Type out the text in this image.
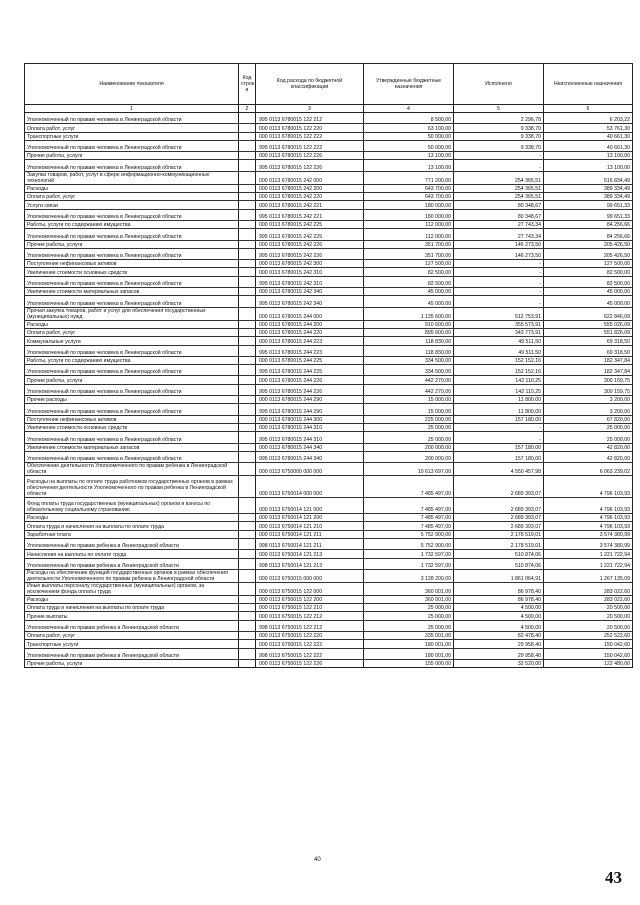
Наименование показателя	Код строк и	Код расхода по бюджетной классификации	Утвержденные бюджетные назначения	Исполнено	Неисполненные назначения
1	2	3	4	5	6

Уполномоченный по правам человека в Ленинградской области		995 0113 6780015 122 212	8 500,00	2 296,78	6 203,22
Оплата работ, услуг		000 0113 6780015 122 220	63 100,00	9 338,70	53 761,30
Транспортные услуги		000 0113 6780015 122 222	50 000,00	9 338,70	40 661,30

Уполномоченный по правам человека в Ленинградской области		995 0113 6780015 122 222	50 000,00	9 338,70	40 661,30
Прочие работы, услуги		000 0113 6780015 122 226	13 100,00	-	13 100,00

Уполномоченный по правам человека в Ленинградской области		995 0113 6780015 122 226	13 100,00	-	13 100,00
Закупка товаров, работ, услуг в сфере информационно-коммуникационных технологий		000 0113 6780015 242 000	771 200,00	254 365,51	516 834,49
Расходы		000 0113 6780015 242 200	643 700,00	254 365,51	389 334,49
Оплата работ, услуг		000 0113 6780015 242 220	643 700,00	254 365,51	389 334,49
Услуги связи		000 0113 6780015 242 221	180 000,00	80 348,67	99 651,33

Уполномоченный по правам человека в Ленинградской области		995 0113 6780015 242 221	180 000,00	80 348,67	99 651,33
Работы, услуги по содержанию имущества		000 0113 6780015 242 225	112 000,00	27 743,34	84 256,66

Уполномоченный по правам человека в Ленинградской области		995 0113 6780015 242 225	112 000,00	27 743,34	84 256,66
Прочие работы, услуги		000 0113 6780015 242 226	351 700,00	146 273,50	205 426,50

Уполномоченный по правам человека в Ленинградской области		995 0113 6780015 242 226	351 700,00	146 273,50	205 426,50
Поступление нефинансовых активов		000 0113 6780015 242 300	127 500,00	-	127 500,00
Увеличение стоимости основных средств		000 0113 6780015 242 310	82 500,00	-	82 500,00

Уполномоченный по правам человека в Ленинградской области		995 0113 6780015 242 310	82 500,00	-	82 500,00
Увеличение стоимости материальных запасов		000 0113 6780015 242 340	45 000,00	-	45 000,00

Уполномоченный по правам человека в Ленинградской области		995 0113 6780015 242 340	45 000,00	-	45 000,00
Прочая закупка товаров, работ и услуг для обеспечения государственных (муниципальных) нужд		000 0113 6780015 244 000	1 135 600,00	512 753,91	622 846,09
Расходы		000 0113 6780015 244 200	910 600,00	355 573,91	555 026,09
Оплата работ, услуг		000 0113 6780015 244 220	895 600,00	343 773,91	551 826,09
Коммунальные услуги		000 0113 6780015 244 223	118 830,00	49 511,50	69 318,50

Уполномоченный по правам человека в Ленинградской области		995 0113 6780015 244 223	118 830,00	49 511,50	69 318,50
Работы, услуги по содержанию имущества		000 0113 6780015 244 225	334 500,00	152 152,16	182 347,84

Уполномоченный по правам человека в Ленинградской области		995 0113 6780015 244 225	334 500,00	152 152,16	182 347,84
Прочие работы, услуги		000 0113 6780015 244 226	442 270,00	142 110,25	300 159,75

Уполномоченный по правам человека в Ленинградской области		995 0113 6780015 244 226	442 270,00	142 110,25	300 159,75
Прочие расходы		000 0113 6780015 244 290	15 000,00	11 800,00	3 200,00

Уполномоченный по правам человека в Ленинградской области		995 0113 6780015 244 290	15 000,00	11 800,00	3 200,00
Поступление нефинансовых активов		000 0113 6780015 244 300	225 000,00	157 180,00	67 820,00
Увеличение стоимости основных средств		000 0113 6780015 244 310	25 000,00	-	25 000,00

Уполномоченный по правам человека в Ленинградской области		995 0113 6780015 244 310	25 000,00	-	25 000,00
Увеличение стоимости материальных запасов		000 0113 6780015 244 340	200 000,00	157 180,00	42 820,00

Уполномоченный по правам человека в Ленинградской области		995 0113 6780015 244 340	200 000,00	157 180,00	42 820,00
Обеспечение деятельности Уполномоченного по правам ребенка в Ленинградской области		000 0113 6750000 000 000	10 613 697,00	4 550 457,98	6 063 239,02

Расходы на выплаты по оплате труда работников государственных органов в рамках обеспечения деятельности Уполномоченного по правам ребенка в Ленинградской области		000 0113 6750014 000 000	7 485 497,00	2 689 393,07	4 796 103,93

Фонд оплаты труда государственных (муниципальных) органов и взносы по обязательному социальному страхованию		000 0113 6750014 121 000	7 485 497,00	2 689 393,07	4 796 103,93
Расходы		000 0113 6750014 121 200	7 485 497,00	2 689 393,07	4 796 103,93
Оплата труда и начисления на выплаты по оплате труда		000 0113 6750014 121 210	7 485 497,00	2 689 393,07	4 796 103,93
Заработная плата		000 0113 6750014 121 211	5 752 900,00	2 178 519,01	3 574 380,99

Уполномоченный по правам ребенка в Ленинградской области		998 0113 6750014 121 211	5 752 900,00	2 178 519,01	3 574 380,99
Начисления на выплаты по оплате труда		000 0113 6750014 121 213	1 732 597,00	510 874,06	1 221 722,94

Уполномоченный по правам ребенка в Ленинградской области		998 0113 6750014 121 213	1 732 597,00	510 874,06	1 221 722,94
Расходы на обеспечение функций государственных органов в рамках обеспечения деятельности Уполномоченного по правам ребенка в Ленинградской области		000 0113 6750015 000 000	3 128 200,00	1 861 064,91	1 267 135,09
Иные выплаты персоналу государственных (муниципальных) органов, за исключением фонда оплаты труда		000 0113 6750015 122 000	360 001,00	86 978,40	283 022,60
Расходы		000 0113 6750015 122 200	360 001,00	86 978,40	283 022,60
Оплата труда и начисления на выплаты по оплате труда		000 0113 6750015 122 210	25 000,00	4 500,00	20 500,00
Прочие выплаты		000 0113 6750015 122 212	25 000,00	4 500,00	20 500,00

Уполномоченный по правам ребенка в Ленинградской области		998 0113 6750015 122 212	25 000,00	4 500,00	20 500,00
Оплата работ, услуг		000 0113 6750015 122 220	335 001,00	82 478,40	252 522,60
Транспортные услуги		000 0113 6750015 122 222	180 001,00	29 958,40	150 042,60

Уполномоченный по правам ребенка в Ленинградской области		998 0113 6750015 122 222	180 001,00	29 958,40	150 042,60
Прочие работы, услуги		000 0113 6750015 122 226	155 000,00	32 520,00	122 480,00
40
43
